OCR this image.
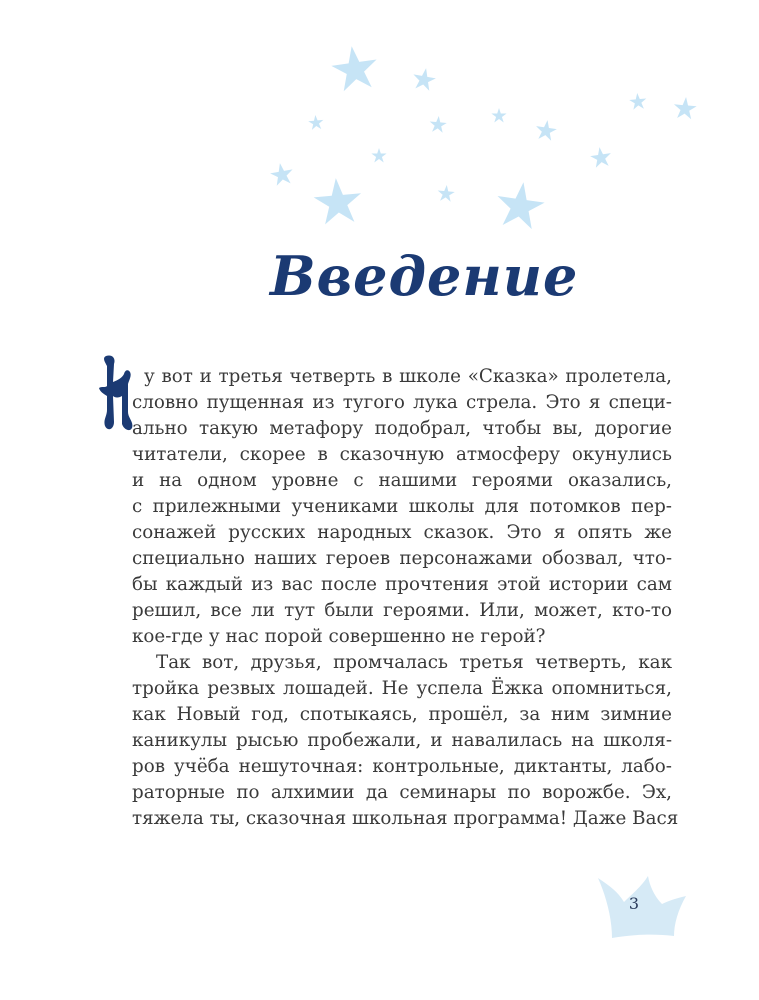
Введение
у вот и третья четверть в школе «Сказка» пролетела,
словно пущенная из тугого лука стрела. Это я специ-
ально такую метафору подобрал, чтобы вы, дорогие
читатели, скорее в сказочную атмосферу окунулись
и на одном уровне с нашими героями оказались,
с прилежными учениками школы для потомков пер-
сонажей русских народных сказок. Это я опять же
специально наших героев персонажами обозвал, что-
бы каждый из вас после прочтения этой истории сам
решил, все ли тут были героями. Или, может, кто-то
кое-где у нас порой совершенно не герой?
Так вот, друзья, промчалась третья четверть, как
тройка резвых лошадей. Не успела Ёжка опомниться,
как Новый год, спотыкаясь, прошёл, за ним зимние
каникулы рысью пробежали, и навалилась на школя-
ров учёба нешуточная: контрольные, диктанты, лабо-
раторные по алхимии да семинары по ворожбе. Эх,
тяжела ты, сказочная школьная программа! Даже Вася
3
